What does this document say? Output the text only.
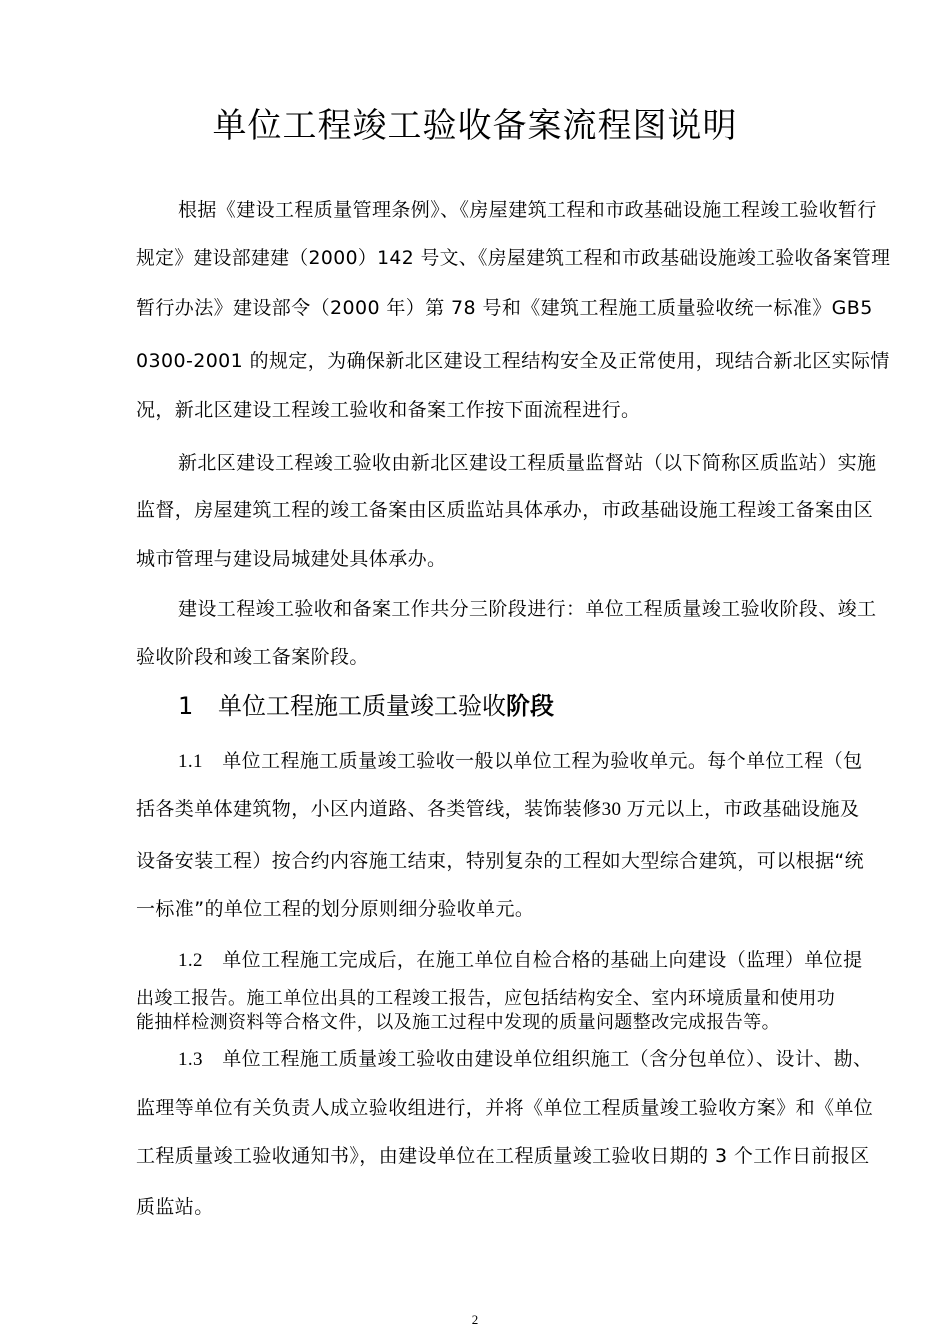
单位工程竣工验收备案流程图说明
根据《建设工程质量管理条例》、《房屋建筑工程和市政基础设施工程竣工验收暂行
规定》建设部建建（2000）142 号文、《房屋建筑工程和市政基础设施竣工验收备案管理
暂行办法》建设部令（2000 年）第 78 号和《建筑工程施工质量验收统一标准》GB5
0300-2001 的规定，为确保新北区建设工程结构安全及正常使用，现结合新北区实际情
况，新北区建设工程竣工验收和备案工作按下面流程进行。
新北区建设工程竣工验收由新北区建设工程质量监督站（以下简称区质监站）实施
监督，房屋建筑工程的竣工备案由区质监站具体承办，市政基础设施工程竣工备案由区
城市管理与建设局城建处具体承办。
建设工程竣工验收和备案工作共分三阶段进行：单位工程质量竣工验收阶段、竣工
验收阶段和竣工备案阶段。
1 单位工程施工质量竣工验收阶段
1.1 单位工程施工质量竣工验收一般以单位工程为验收单元。每个单位工程（包
括各类单体建筑物，小区内道路、各类管线，装饰装修30 万元以上，市政基础设施及
设备安装工程）按合约内容施工结束，特别复杂的工程如大型综合建筑，可以根据“统
一标准”的单位工程的划分原则细分验收单元。
1.2 单位工程施工完成后，在施工单位自检合格的基础上向建设（监理）单位提
出竣工报告。施工单位出具的工程竣工报告，应包括结构安全、室内环境质量和使用功
能抽样检测资料等合格文件，以及施工过程中发现的质量问题整改完成报告等。
1.3 单位工程施工质量竣工验收由建设单位组织施工（含分包单位）、设计、勘、
监理等单位有关负责人成立验收组进行，并将《单位工程质量竣工验收方案》和《单位
工程质量竣工验收通知书》，由建设单位在工程质量竣工验收日期的 3 个工作日前报区
质监站。
2
